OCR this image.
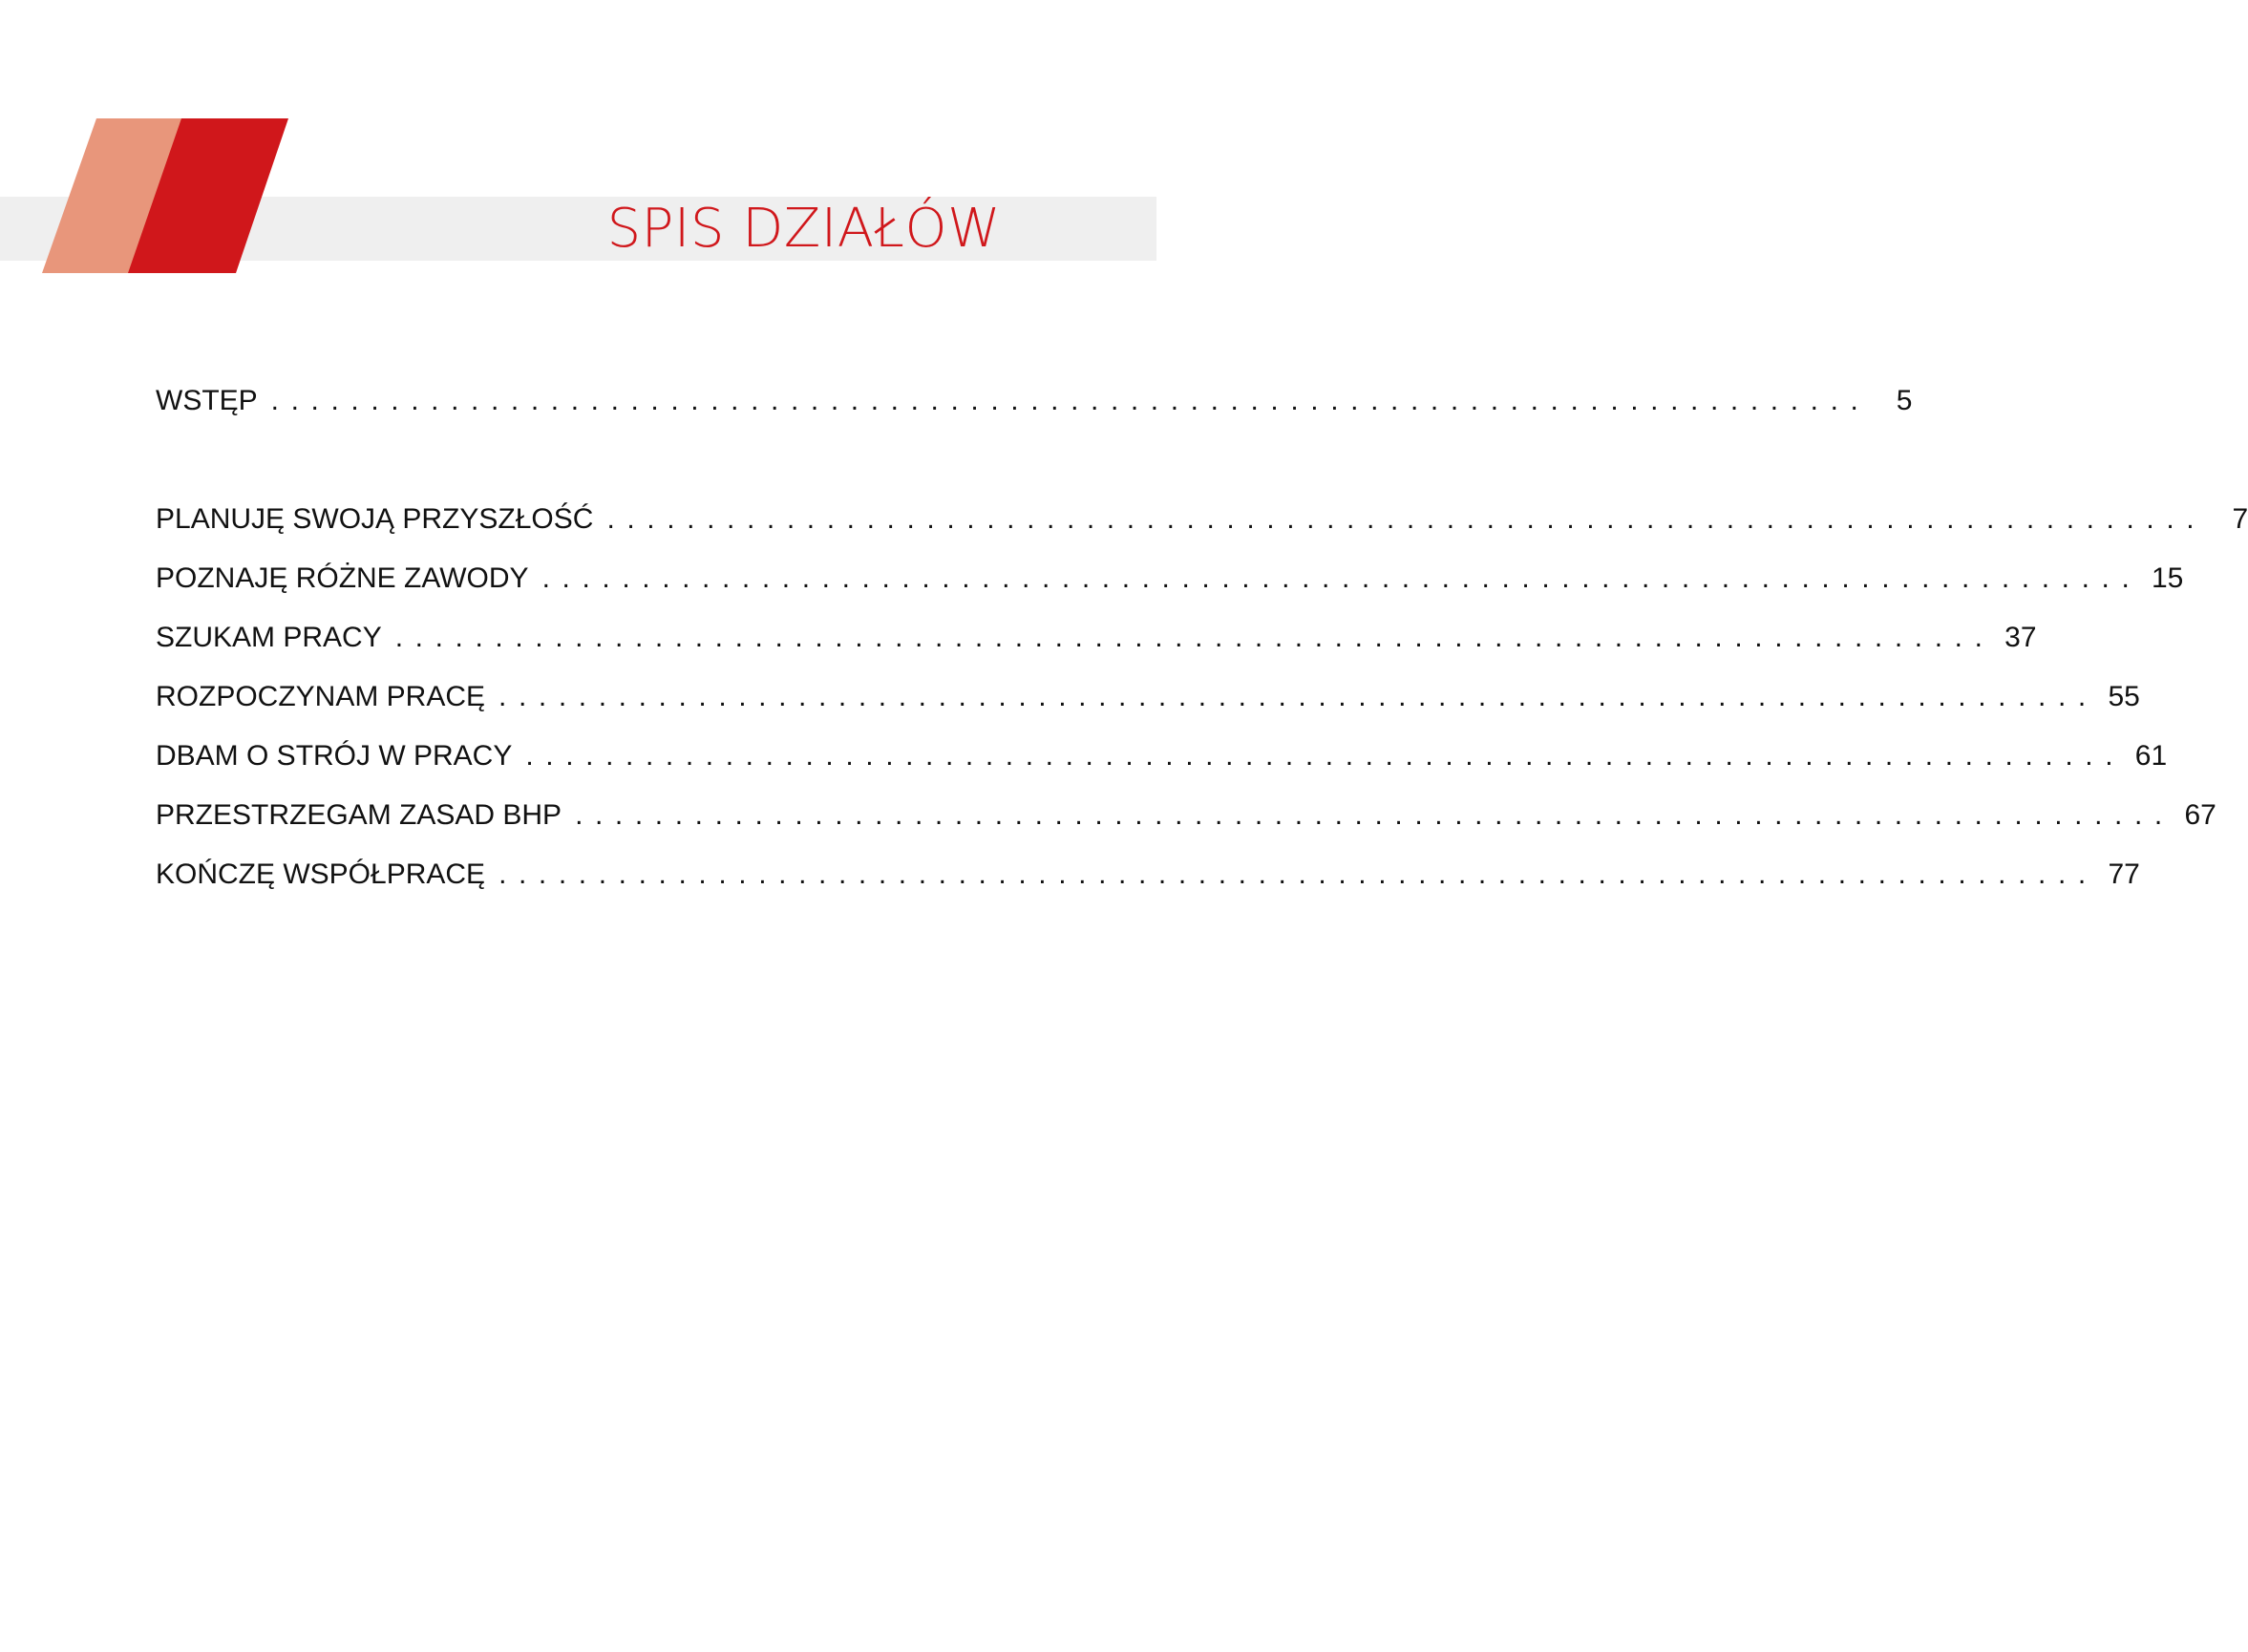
SPIS DZIAŁÓW
WSTĘP ................................................................................ 5
PLANUJĘ SWOJĄ PRZYSZŁOŚĆ ................................................................................ 7
POZNAJĘ RÓŻNE ZAWODY ................................................................................ 15
SZUKAM PRACY ................................................................................ 37
ROZPOCZYNAM PRACĘ ................................................................................ 55
DBAM O STRÓJ W PRACY ................................................................................ 61
PRZESTRZEGAM ZASAD BHP ................................................................................ 67
KOŃCZĘ WSPÓŁPRACĘ ................................................................................ 77
